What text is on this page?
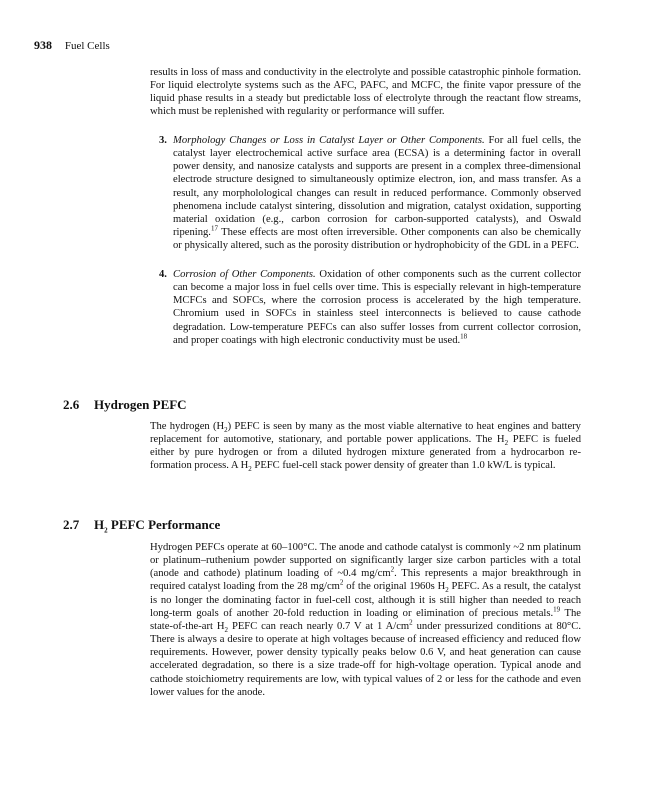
938 Fuel Cells

results in loss of mass and conductivity in the electrolyte and possible catastrophic pinhole formation. For liquid electrolyte systems such as the AFC, PAFC, and MCFC, the finite vapor pressure of the liquid phase results in a steady but predictable loss of electrolyte through the reactant flow streams, which must be replenished with regularity or performance will suffer.

3. Morphology Changes or Loss in Catalyst Layer or Other Components. For all fuel cells, the catalyst layer electrochemical active surface area (ECSA) is a determining factor in overall power density, and nanosize catalysts and supports are present in a complex three-dimensional electrode structure designed to simultaneously optimize electron, ion, and mass transfer. As a result, any morpholological changes can result in reduced performance. Commonly observed phenomena include catalyst sintering, dissolution and migration, catalyst oxidation, supporting material oxidation (e.g., carbon corrosion for carbon-supported catalysts), and Oswald ripening.$^{17}$ These effects are most often irreversible. Other components can also be chemically or physically altered, such as the porosity distribution or hydrophobicity of the GDL in a PEFC.

4. Corrosion of Other Components. Oxidation of other components such as the current collector can become a major loss in fuel cells over time. This is especially relevant in high-temperature MCFCs and SOFCs, where the corrosion process is accelerated by the high temperature. Chromium used in SOFCs in stainless steel interconnects is believed to cause cathode degradation. Low-temperature PEFCs can also suffer losses from current collector corrosion, and proper coatings with high electronic conductivity must be used.$^{18}$

2.6 Hydrogen PEFC

The hydrogen $(H_2)$ PEFC is seen by many as the most viable alternative to heat engines and battery replacement for automotive, stationary, and portable power applications. The $H_2$ PEFC is fueled either by pure hydrogen or from a diluted hydrogen mixture generated from a hydrocarbon re-formation process. A $H_2$ PEFC fuel-cell stack power density of greater than 1.0 kW/L is typical.

2.7 $H_2$ PEFC Performance

Hydrogen PEFCs operate at 60–100°C. The anode and cathode catalyst is commonly ~2 nm platinum or platinum–ruthenium powder supported on significantly larger size carbon particles with a total (anode and cathode) platinum loading of ~0.4 $mg/cm^2$. This represents a major breakthrough in required catalyst loading from the 28 $mg/cm^2$ of the original 1960s $H_2$ PEFC. As a result, the catalyst is no longer the dominating factor in fuel-cell cost, although it is still higher than needed to reach long-term goals of another 20-fold reduction in loading or elimination of precious metals.$^{19}$ The state-of-the-art $H_2$ PEFC can reach nearly 0.7 V at 1 $A/cm^2$ under pressurized conditions at 80°C. There is always a desire to operate at high voltages because of increased efficiency and reduced flow requirements. However, power density typically peaks below 0.6 V, and heat generation can cause accelerated degradation, so there is a size trade-off for high-voltage operation. Typical anode and cathode stoichiometry requirements are low, with typical values of 2 or less for the cathode and even lower values for the anode.
